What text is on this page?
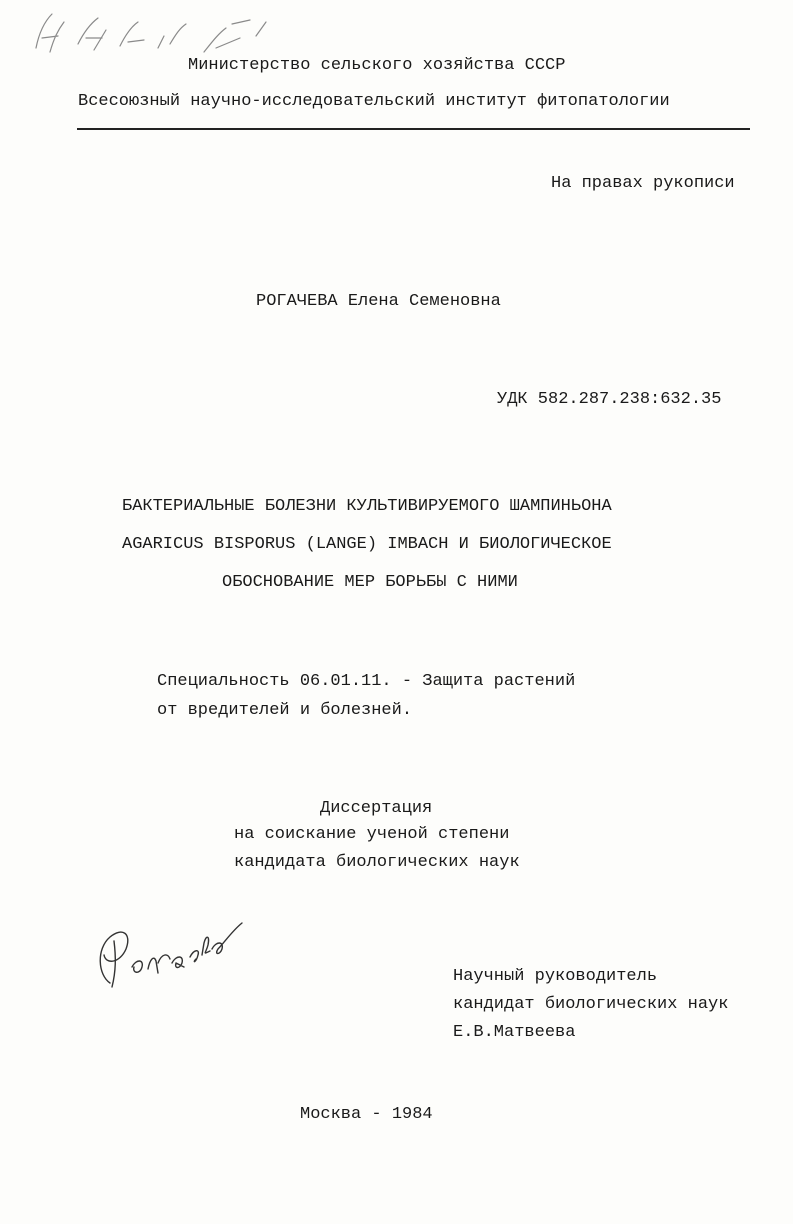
Министерство сельского хозяйства СССР
Всесоюзный научно-исследовательский институт фитопатологии
На правах рукописи
РОГАЧЕВА Елена Семеновна
УДК 582.287.238:632.35
БАКТЕРИАЛЬНЫЕ БОЛЕЗНИ КУЛЬТИВИРУЕМОГО ШАМПИНЬОНА
AGARICUS BISPORUS (LANGE) IMBACH И БИОЛОГИЧЕСКОЕ
ОБОСНОВАНИЕ МЕР БОРЬБЫ С НИМИ
Специальность 06.01.11. - Защита растений
от вредителей и болезней.
Диссертация
на соискание ученой степени
кандидата биологических наук
Научный руководитель
кандидат биологических наук
Е.В.Матвеева
Москва - 1984
